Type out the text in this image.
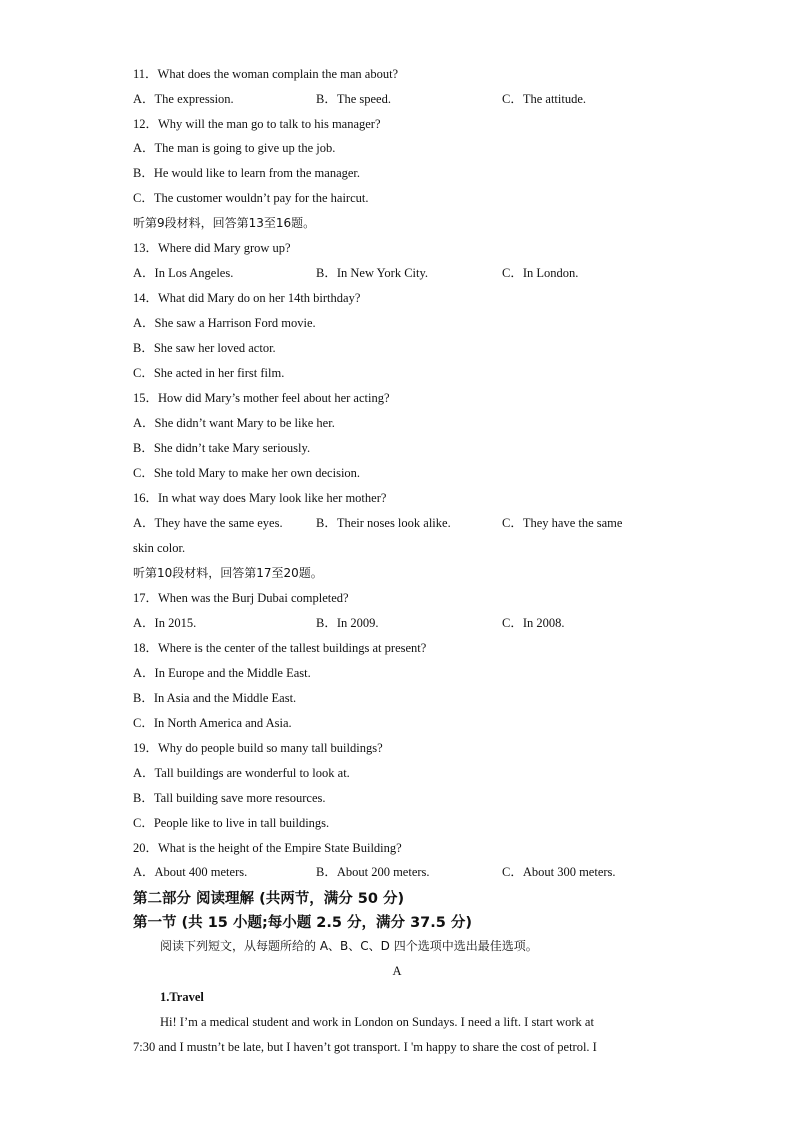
11．What does the woman complain the man about?
A．The expression.	B．The speed.	C．The attitude.
12．Why will the man go to talk to his manager?
A．The man is going to give up the job.
B．He would like to learn from the manager.
C．The customer wouldn’t pay for the haircut.
听第9段材料，回答第13至16题。
13．Where did Mary grow up?
A．In Los Angeles.	B．In New York City.	C．In London.
14．What did Mary do on her 14th birthday?
A．She saw a Harrison Ford movie.
B．She saw her loved actor.
C．She acted in her first film.
15．How did Mary’s mother feel about her acting?
A．She didn’t want Mary to be like her.
B．She didn’t take Mary seriously.
C．She told Mary to make her own decision.
16．In what way does Mary look like her mother?
A．They have the same eyes.	B．Their noses look alike.	C．They have the same
skin color.
听第10段材料，回答第17至20题。
17．When was the Burj Dubai completed?
A．In 2015.	B．In 2009.	C．In 2008.
18．Where is the center of the tallest buildings at present?
A．In Europe and the Middle East.
B．In Asia and the Middle East.
C．In North America and Asia.
19．Why do people build so many tall buildings?
A．Tall buildings are wonderful to look at.
B．Tall building save more resources.
C．People like to live in tall buildings.
20．What is the height of the Empire State Building?
A．About 400 meters.	B．About 200 meters.	C．About 300 meters.
第二部分 阅读理解 (共两节，满分 50 分)
第一节 (共 15 小题;每小题 2.5 分，满分 37.5 分)
阅读下列短文，从每题所给的 A、B、C、D 四个选项中选出最佳选项。
A
1.Travel
Hi! I’m a medical student and work in London on Sundays. I need a lift. I start work at
7:30 and I mustn’t be late, but I haven’t got transport. I 'm happy to share the cost of petrol. I
